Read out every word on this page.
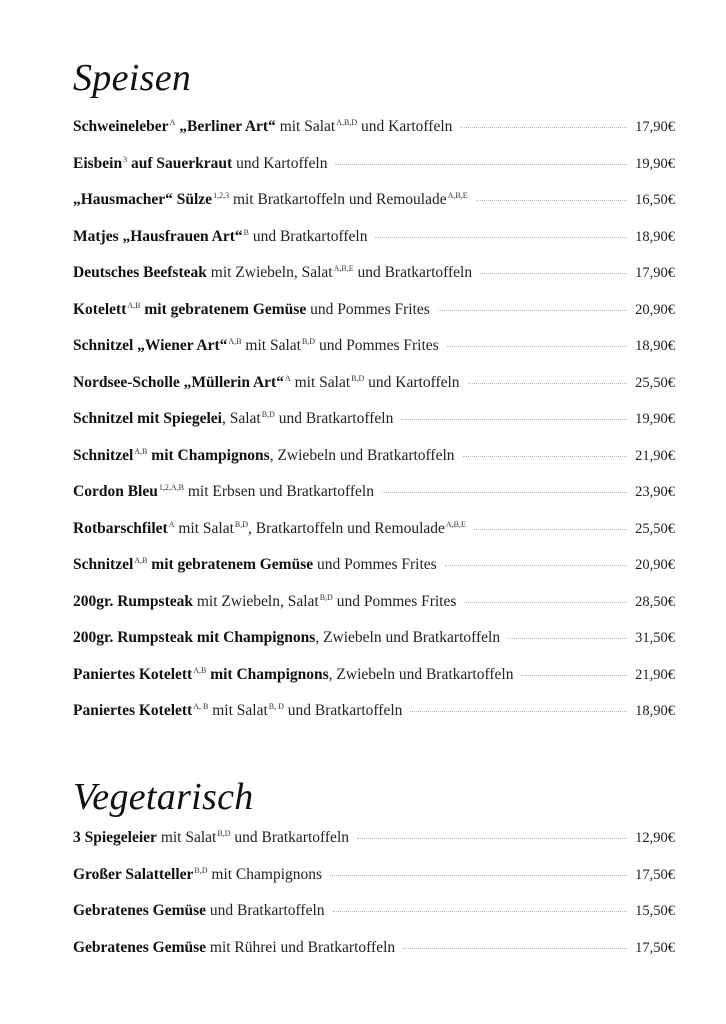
Speisen
Schweineleber$^A$ „Berliner Art“ mit Salat$^{A,B,D}$ und Kartoffeln	17,90€
Eisbein$^3$ auf Sauerkraut und Kartoffeln	19,90€
„Hausmacher“ Sülze$^{1,2,3}$ mit Bratkartoffeln und Remoulade$^{A,B,E}$	16,50€
Matjes „Hausfrauen Art“$^B$ und Bratkartoffeln	18,90€
Deutsches Beefsteak mit Zwiebeln, Salat$^{A,B,E}$ und Bratkartoffeln	17,90€
Kotelett$^{A,B}$ mit gebratenem Gemüse und Pommes Frites	20,90€
Schnitzel „Wiener Art“$^{A,B}$ mit Salat$^{B,D}$ und Pommes Frites	18,90€
Nordsee-Scholle „Müllerin Art“$^A$ mit Salat$^{B,D}$ und Kartoffeln	25,50€
Schnitzel mit Spiegelei, Salat$^{B,D}$ und Bratkartoffeln	19,90€
Schnitzel$^{A,B}$ mit Champignons, Zwiebeln und Bratkartoffeln	21,90€
Cordon Bleu$^{1,2,A,B}$ mit Erbsen und Bratkartoffeln	23,90€
Rotbarschfilet$^A$ mit Salat$^{B,D}$, Bratkartoffeln und Remoulade$^{A,B,E}$	25,50€
Schnitzel$^{A,B}$ mit gebratenem Gemüse und Pommes Frites	20,90€
200gr. Rumpsteak mit Zwiebeln, Salat$^{B,D}$ und Pommes Frites	28,50€
200gr. Rumpsteak mit Champignons, Zwiebeln und Bratkartoffeln	31,50€
Paniertes Kotelett$^{A,B}$ mit Champignons, Zwiebeln und Bratkartoffeln	21,90€
Paniertes Kotelett$^{A, B}$ mit Salat$^{B, D}$ und Bratkartoffeln	18,90€
Vegetarisch
3 Spiegeleier mit Salat$^{B,D}$ und Bratkartoffeln	12,90€
Großer Salatteller$^{B,D}$ mit Champignons	17,50€
Gebratenes Gemüse und Bratkartoffeln	15,50€
Gebratenes Gemüse mit Rührei und Bratkartoffeln	17,50€
